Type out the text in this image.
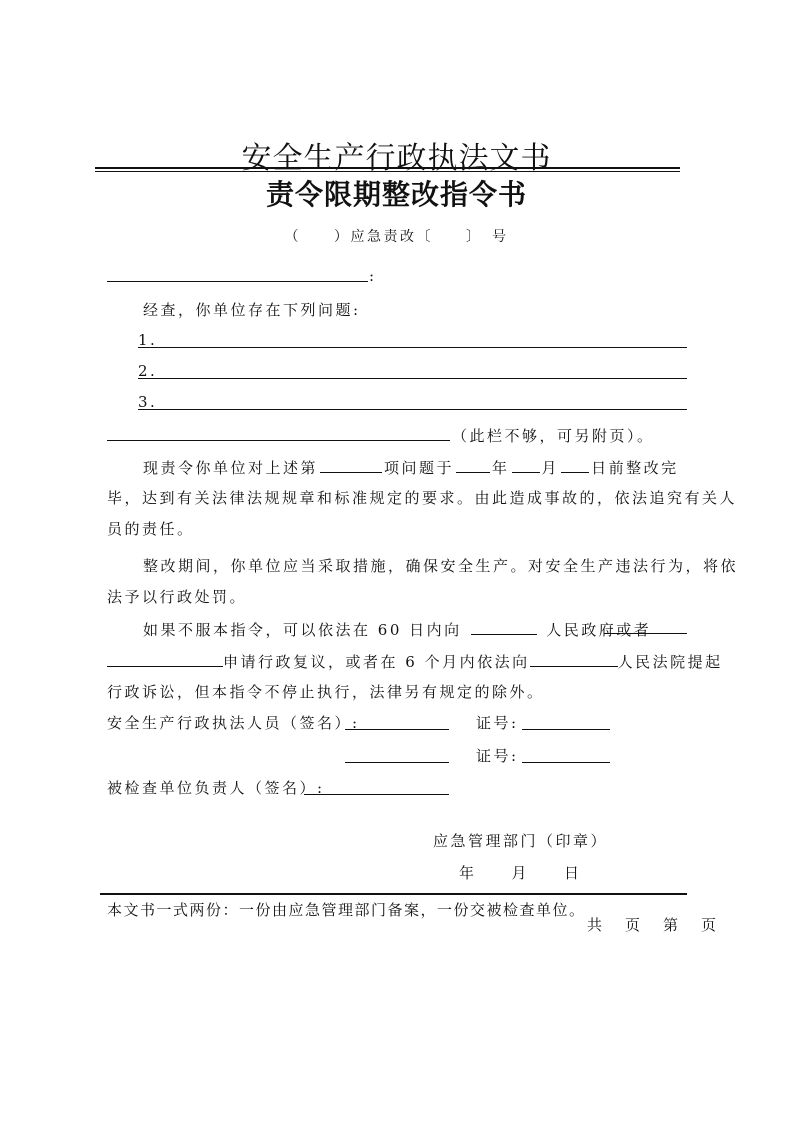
安全生产行政执法文书
责令限期整改指令书
（　　）应急责改〔　　〕　号
:
经查，你单位存在下列问题:
1.
2.
3.
（此栏不够，可另附页）。
现责令你单位对上述第	项问题于	年 月 日前整改完
毕，达到有关法律法规规章和标准规定的要求。由此造成事故的，依法追究有关人
员的责任。
整改期间，你单位应当采取措施，确保安全生产。对安全生产违法行为，将依
法予以行政处罚。
如果不服本指令，可以依法在 60 日内向	人民政府或者
申请行政复议，或者在 6 个月内依法向	人民法院提起
行政诉讼，但本指令不停止执行，法律另有规定的除外。
安全生产行政执法人员（签名）:	证号:
证号:
被检查单位负责人（签名）:
应急管理部门（印章）
年　　月　　日
本文书一式两份：一份由应急管理部门备案，一份交被检查单位。
共　页　第　页
